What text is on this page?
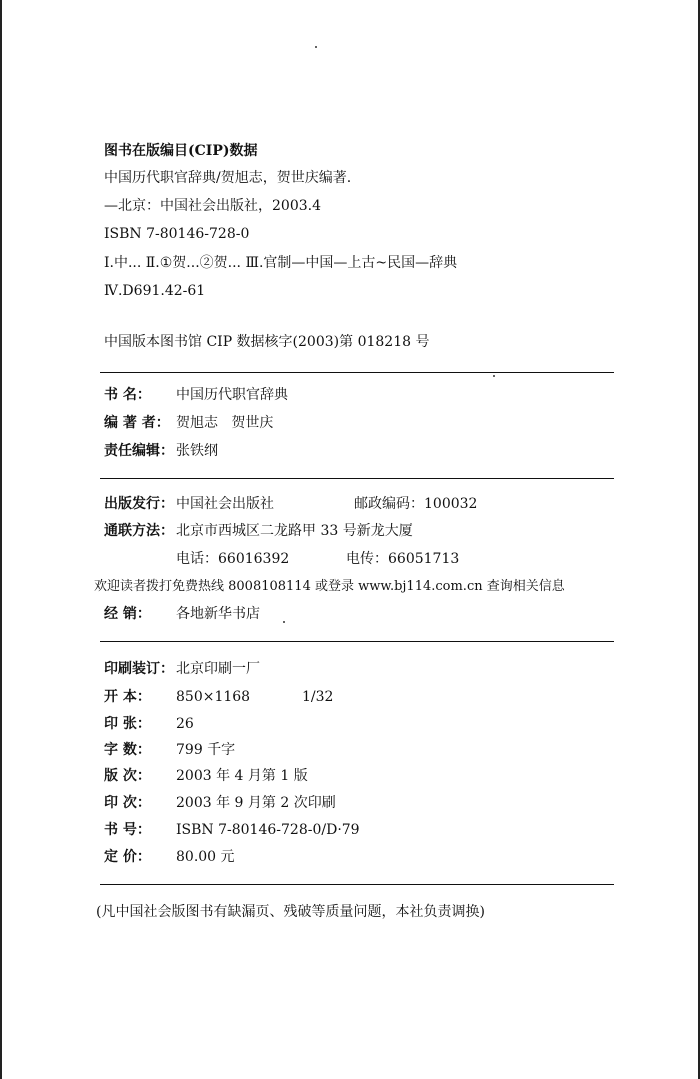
图书在版编目(CIP)数据
中国历代职官辞典/贺旭志，贺世庆编著.
—北京：中国社会出版社，2003.4
ISBN 7-80146-728-0
Ⅰ.中... Ⅱ.①贺...②贺... Ⅲ.官制—中国—上古~民国—辞典
Ⅳ.D691.42-61
中国版本图书馆 CIP 数据核字(2003)第 018218 号
书 名： 中国历代职官辞典
编 著 者： 贺旭志   贺世庆
责任编辑： 张铁纲
出版发行： 中国社会出版社	邮政编码：100032
通联方法： 北京市西城区二龙路甲 33 号新龙大厦
电话：66016392	电传：66051713
欢迎读者拨打免费热线 8008108114 或登录 www.bj114.com.cn 查询相关信息
经 销： 各地新华书店
印刷装订： 北京印刷一厂
开 本： 850×1168	1/32
印 张： 26
字 数： 799 千字
版 次： 2003 年 4 月第 1 版
印 次： 2003 年 9 月第 2 次印刷
书 号： ISBN 7-80146-728-0/D·79
定 价： 80.00 元
(凡中国社会版图书有缺漏页、残破等质量问题，本社负责调换)
